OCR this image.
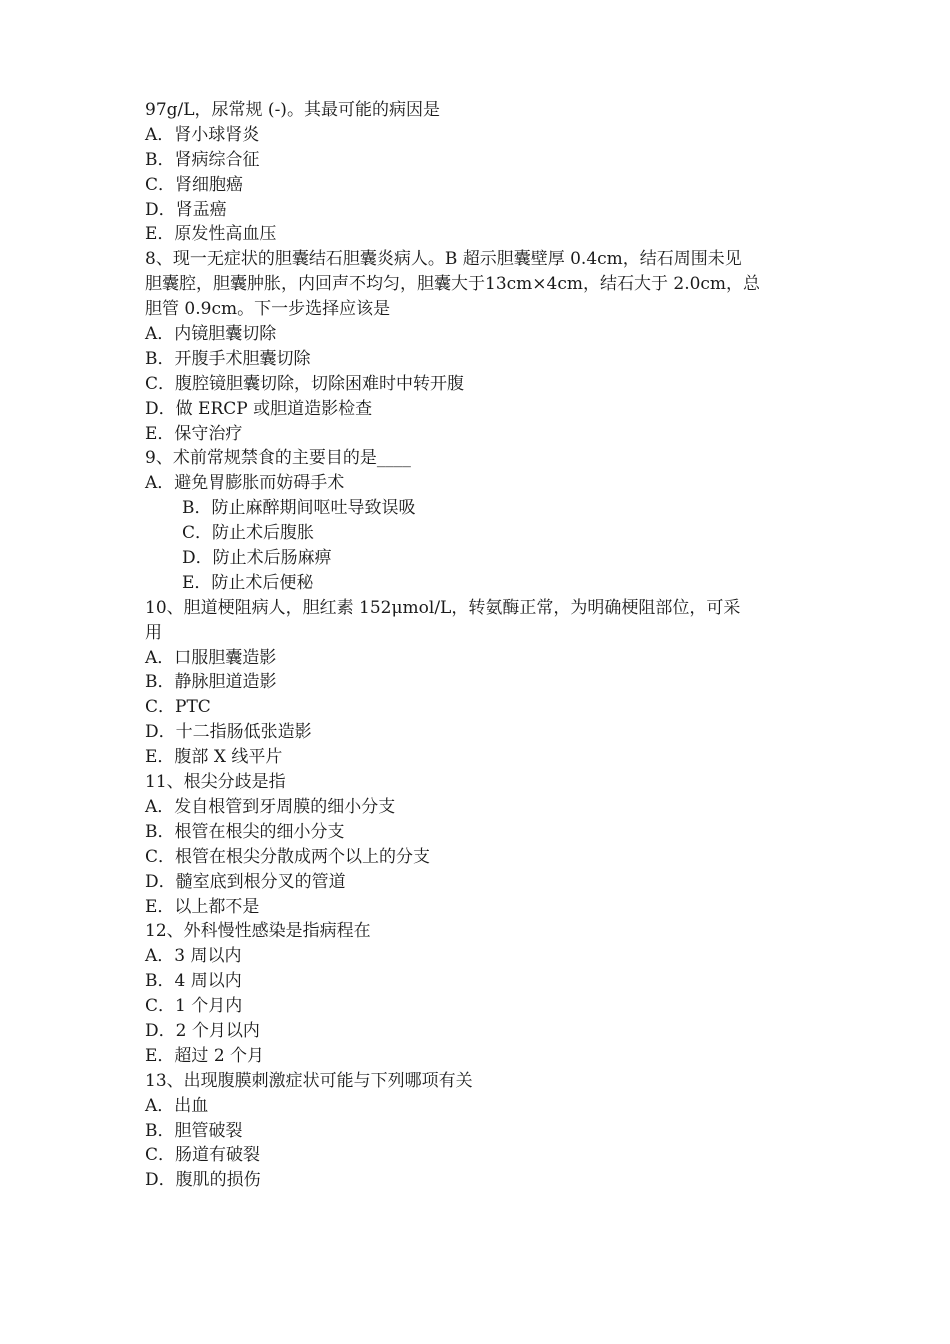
97g/L，尿常规 (-)。其最可能的病因是
A．肾小球肾炎
B．肾病综合征
C．肾细胞癌
D．肾盂癌
E．原发性高血压
8、现一无症状的胆囊结石胆囊炎病人。B 超示胆囊壁厚 0.4cm，结石周围未见
胆囊腔，胆囊肿胀，内回声不均匀，胆囊大于13cm×4cm，结石大于 2.0cm，总
胆管 0.9cm。下一步选择应该是
A．内镜胆囊切除
B．开腹手术胆囊切除
C．腹腔镜胆囊切除，切除困难时中转开腹
D．做 ERCP 或胆道造影检查
E．保守治疗
9、术前常规禁食的主要目的是____
A．避免胃膨胀而妨碍手术
B．防止麻醉期间呕吐导致误吸
C．防止术后腹胀
D．防止术后肠麻痹
E．防止术后便秘
10、胆道梗阻病人，胆红素 152μmol/L，转氨酶正常，为明确梗阻部位，可采
用
A．口服胆囊造影
B．静脉胆道造影
C．PTC
D．十二指肠低张造影
E．腹部 X 线平片
11、根尖分歧是指
A．发自根管到牙周膜的细小分支
B．根管在根尖的细小分支
C．根管在根尖分散成两个以上的分支
D．髓室底到根分叉的管道
E．以上都不是
12、外科慢性感染是指病程在
A．3 周以内
B．4 周以内
C．1 个月内
D．2 个月以内
E．超过 2 个月
13、出现腹膜刺激症状可能与下列哪项有关
A．出血
B．胆管破裂
C．肠道有破裂
D．腹肌的损伤
